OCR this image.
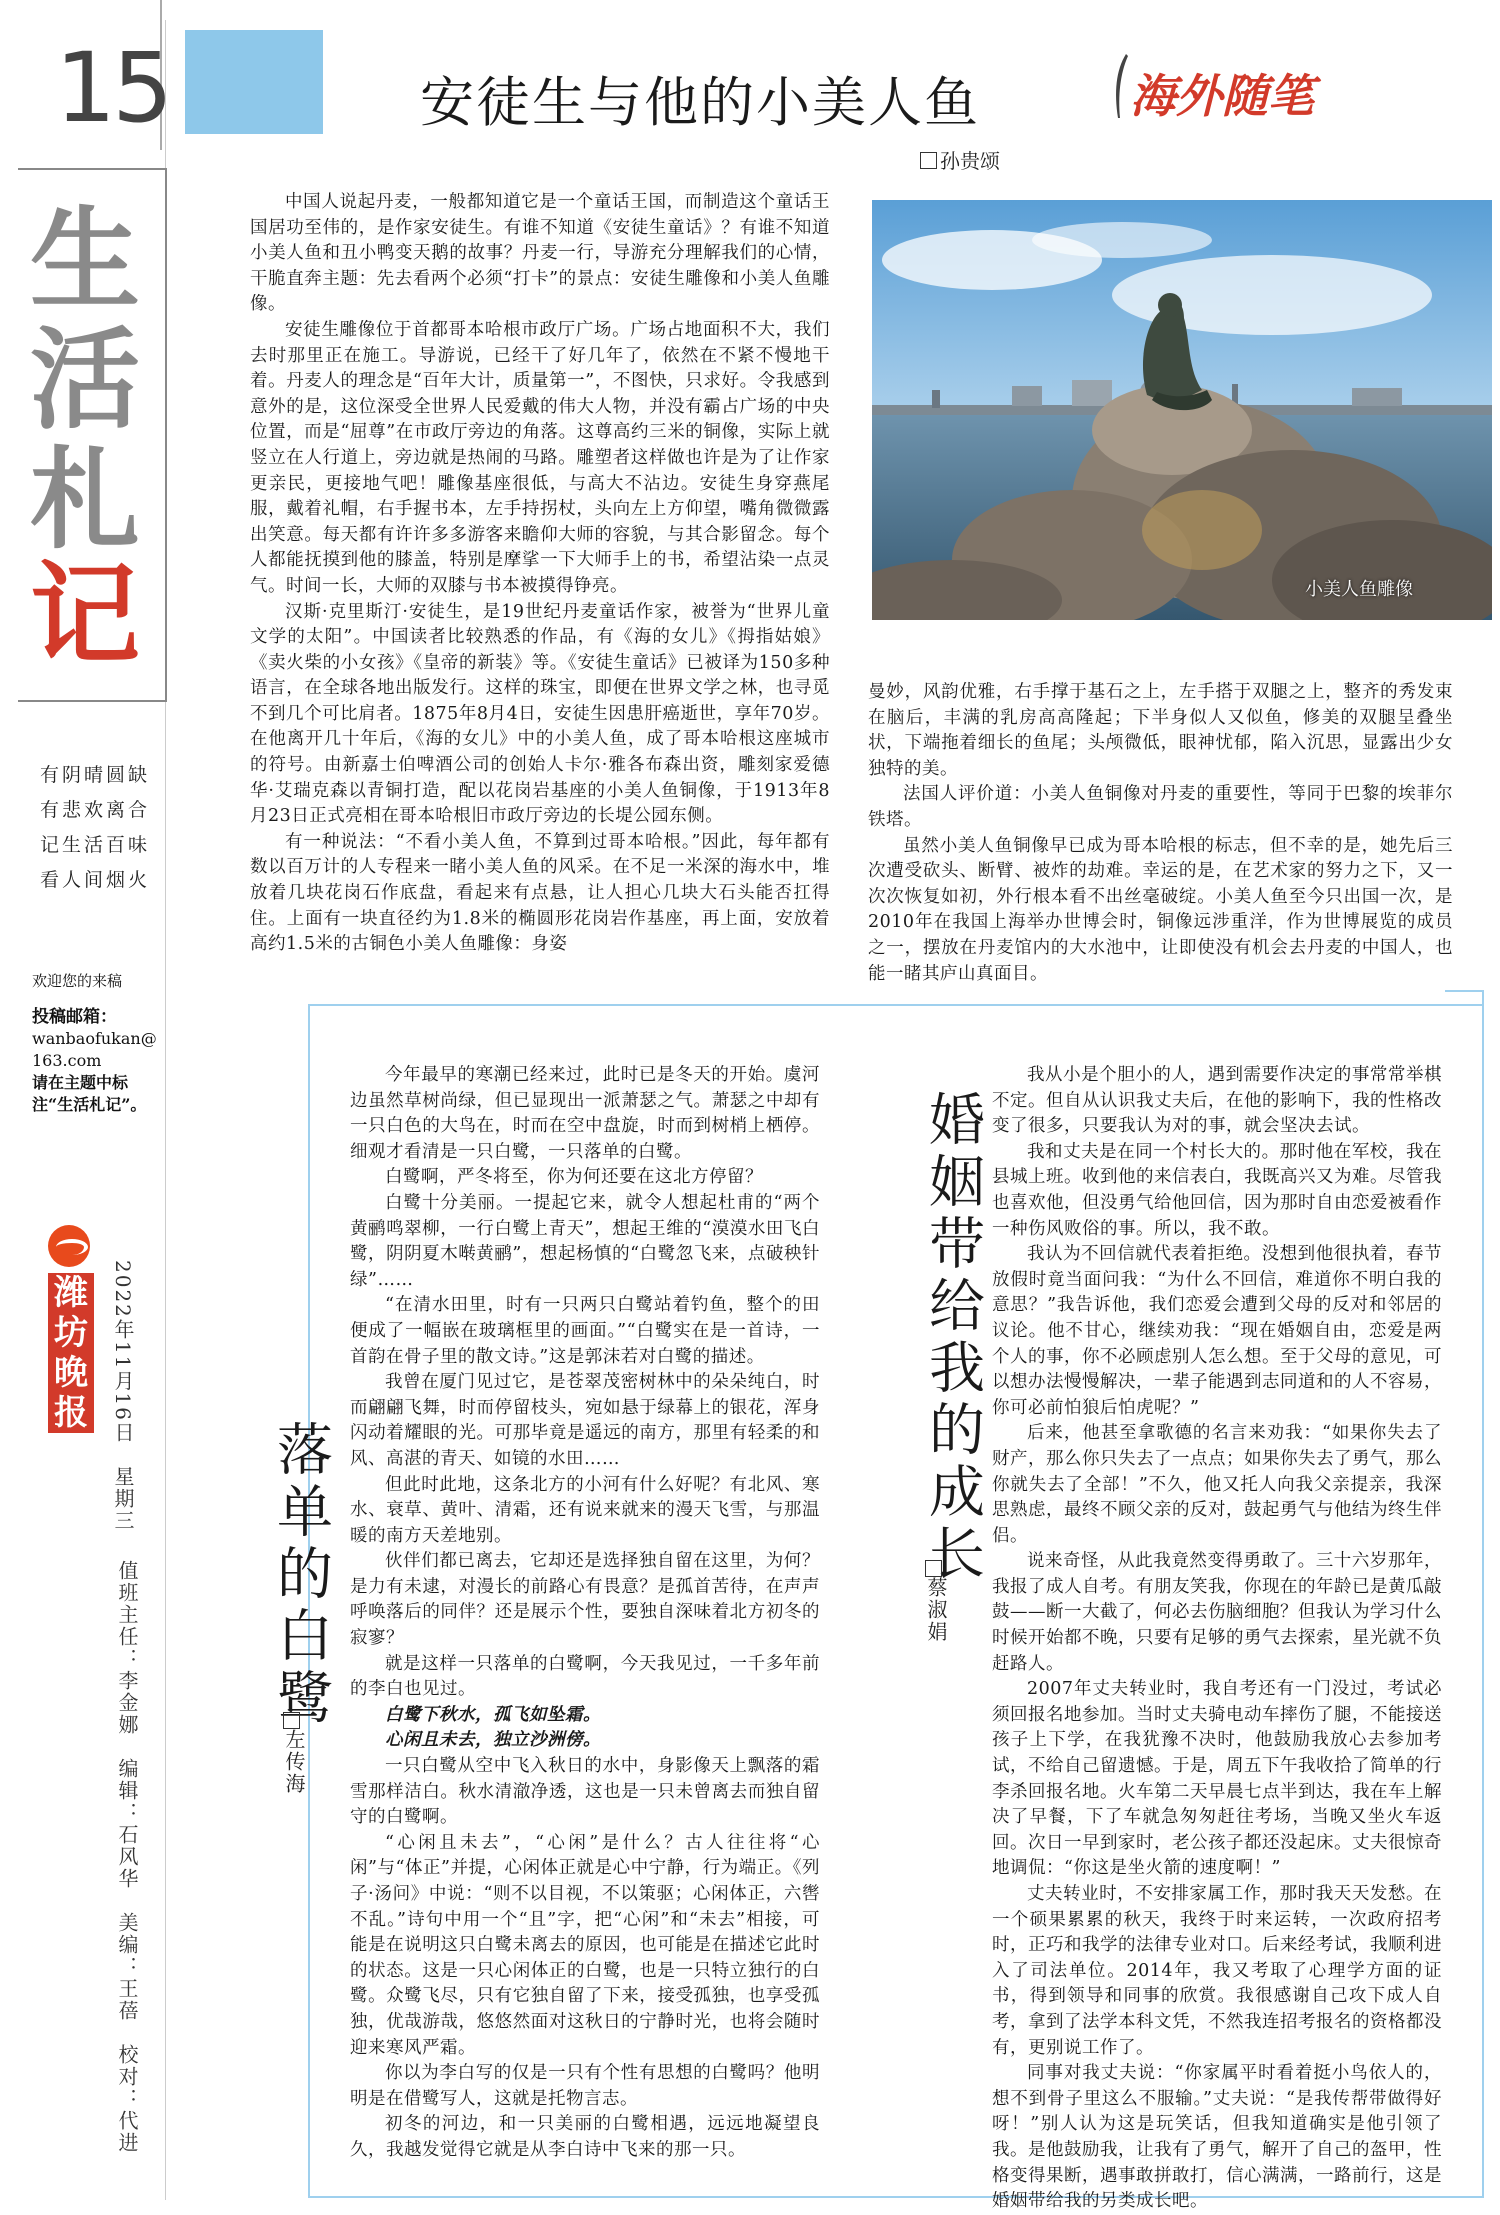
15
生
活
札
记
有阴晴圆缺
有悲欢离合
记生活百味
看人间烟火
欢迎您的来稿
投稿邮箱：
wanbaofukan@163.com
请在主题中标注“生活札记”。
潍坊晚报	2022年11月16日　星期三
值班主任：李金娜　编辑：石风华　美编：王蓓　校对：代进
安徒生与他的小美人鱼	海外随笔
孙贵颂

中国人说起丹麦，一般都知道它是一个童话王国，而制造这个童话王国居功至伟的，是作家安徒生。有谁不知道《安徒生童话》？有谁不知道小美人鱼和丑小鸭变天鹅的故事？丹麦一行，导游充分理解我们的心情，干脆直奔主题：先去看两个必须“打卡”的景点：安徒生雕像和小美人鱼雕像。

安徒生雕像位于首都哥本哈根市政厅广场。广场占地面积不大，我们去时那里正在施工。导游说，已经干了好几年了，依然在不紧不慢地干着。丹麦人的理念是“百年大计，质量第一”，不图快，只求好。令我感到意外的是，这位深受全世界人民爱戴的伟大人物，并没有霸占广场的中央位置，而是“屈尊”在市政厅旁边的角落。这尊高约三米的铜像，实际上就竖立在人行道上，旁边就是热闹的马路。雕塑者这样做也许是为了让作家更亲民，更接地气吧！雕像基座很低，与高大不沾边。安徒生身穿燕尾服，戴着礼帽，右手握书本，左手持拐杖，头向左上方仰望，嘴角微微露出笑意。每天都有许许多多游客来瞻仰大师的容貌，与其合影留念。每个人都能抚摸到他的膝盖，特别是摩挲一下大师手上的书，希望沾染一点灵气。时间一长，大师的双膝与书本被摸得铮亮。

汉斯·克里斯汀·安徒生，是19世纪丹麦童话作家，被誉为“世界儿童文学的太阳”。中国读者比较熟悉的作品，有《海的女儿》《拇指姑娘》《卖火柴的小女孩》《皇帝的新装》等。《安徒生童话》已被译为150多种语言，在全球各地出版发行。这样的珠宝，即便在世界文学之林，也寻觅不到几个可比肩者。1875年8月4日，安徒生因患肝癌逝世，享年70岁。在他离开几十年后，《海的女儿》中的小美人鱼，成了哥本哈根这座城市的符号。由新嘉士伯啤酒公司的创始人卡尔·雅各布森出资，雕刻家爱德华·艾瑞克森以青铜打造，配以花岗岩基座的小美人鱼铜像，于1913年8月23日正式亮相在哥本哈根旧市政厅旁边的长堤公园东侧。

有一种说法：“不看小美人鱼，不算到过哥本哈根。”因此，每年都有数以百万计的人专程来一睹小美人鱼的风采。在不足一米深的海水中，堆放着几块花岗石作底盘，看起来有点悬，让人担心几块大石头能否扛得住。上面有一块直径约为1.8米的椭圆形花岗岩作基座，再上面，安放着高约1.5米的古铜色小美人鱼雕像：身姿

小美人鱼雕像

曼妙，风韵优雅，右手撑于基石之上，左手搭于双腿之上，整齐的秀发束在脑后，丰满的乳房高高隆起；下半身似人又似鱼，修美的双腿呈叠坐状，下端拖着细长的鱼尾；头颅微低，眼神忧郁，陷入沉思，显露出少女独特的美。

法国人评价道：小美人鱼铜像对丹麦的重要性，等同于巴黎的埃菲尔铁塔。

虽然小美人鱼铜像早已成为哥本哈根的标志，但不幸的是，她先后三次遭受砍头、断臂、被炸的劫难。幸运的是，在艺术家的努力之下，又一次次恢复如初，外行根本看不出丝毫破绽。小美人鱼至今只出国一次，是2010年在我国上海举办世博会时，铜像远涉重洋，作为世博展览的成员之一，摆放在丹麦馆内的大水池中，让即使没有机会去丹麦的中国人，也能一睹其庐山真面目。

落单的白鹭
左传海

今年最早的寒潮已经来过，此时已是冬天的开始。虞河边虽然草树尚绿，但已显现出一派萧瑟之气。萧瑟之中却有一只白色的大鸟在，时而在空中盘旋，时而到树梢上栖停。细观才看清是一只白鹭，一只落单的白鹭。

白鹭啊，严冬将至，你为何还要在这北方停留？

白鹭十分美丽。一提起它来，就令人想起杜甫的“两个黄鹂鸣翠柳，一行白鹭上青天”，想起王维的“漠漠水田飞白鹭，阴阴夏木啭黄鹂”，想起杨慎的“白鹭忽飞来，点破秧针绿”……

“在清水田里，时有一只两只白鹭站着钓鱼，整个的田便成了一幅嵌在玻璃框里的画面。”“白鹭实在是一首诗，一首韵在骨子里的散文诗。”这是郭沫若对白鹭的描述。

我曾在厦门见过它，是苍翠茂密树林中的朵朵纯白，时而翩翩飞舞，时而停留枝头，宛如悬于绿幕上的银花，浑身闪动着耀眼的光。可那毕竟是遥远的南方，那里有轻柔的和风、高湛的青天、如镜的水田……

但此时此地，这条北方的小河有什么好呢？有北风、寒水、衰草、黄叶、清霜，还有说来就来的漫天飞雪，与那温暖的南方天差地别。

伙伴们都已离去，它却还是选择独自留在这里，为何？是力有未逮，对漫长的前路心有畏意？是孤首苦待，在声声呼唤落后的同伴？还是展示个性，要独自深味着北方初冬的寂寥？

就是这样一只落单的白鹭啊，今天我见过，一千多年前的李白也见过。

白鹭下秋水，孤飞如坠霜。

心闲且未去，独立沙洲傍。

一只白鹭从空中飞入秋日的水中，身影像天上飘落的霜雪那样洁白。秋水清澈净透，这也是一只未曾离去而独自留守的白鹭啊。

“心闲且未去”，“心闲”是什么？古人往往将“心闲”与“体正”并提，心闲体正就是心中宁静，行为端正。《列子·汤问》中说：“则不以目视，不以策驱；心闲体正，六辔不乱。”诗句中用一个“且”字，把“心闲”和“未去”相接，可能是在说明这只白鹭未离去的原因，也可能是在描述它此时的状态。这是一只心闲体正的白鹭，也是一只特立独行的白鹭。众鹭飞尽，只有它独自留了下来，接受孤独，也享受孤独，优哉游哉，悠悠然面对这秋日的宁静时光，也将会随时迎来寒风严霜。

你以为李白写的仅是一只有个性有思想的白鹭吗？他明明是在借鹭写人，这就是托物言志。

初冬的河边，和一只美丽的白鹭相遇，远远地凝望良久，我越发觉得它就是从李白诗中飞来的那一只。

婚姻带给我的成长
蔡淑娟

我从小是个胆小的人，遇到需要作决定的事常常举棋不定。但自从认识我丈夫后，在他的影响下，我的性格改变了很多，只要我认为对的事，就会坚决去试。

我和丈夫是在同一个村长大的。那时他在军校，我在县城上班。收到他的来信表白，我既高兴又为难。尽管我也喜欢他，但没勇气给他回信，因为那时自由恋爱被看作一种伤风败俗的事。所以，我不敢。

我认为不回信就代表着拒绝。没想到他很执着，春节放假时竟当面问我：“为什么不回信，难道你不明白我的意思？”我告诉他，我们恋爱会遭到父母的反对和邻居的议论。他不甘心，继续劝我：“现在婚姻自由，恋爱是两个人的事，你不必顾虑别人怎么想。至于父母的意见，可以想办法慢慢解决，一辈子能遇到志同道和的人不容易，你可必前怕狼后怕虎呢？”

后来，他甚至拿歌德的名言来劝我：“如果你失去了财产，那么你只失去了一点点；如果你失去了勇气，那么你就失去了全部！”不久，他又托人向我父亲提亲，我深思熟虑，最终不顾父亲的反对，鼓起勇气与他结为终生伴侣。

说来奇怪，从此我竟然变得勇敢了。三十六岁那年，我报了成人自考。有朋友笑我，你现在的年龄已是黄瓜敲鼓——断一大截了，何必去伤脑细胞？但我认为学习什么时候开始都不晚，只要有足够的勇气去探索，星光就不负赶路人。

2007年丈夫转业时，我自考还有一门没过，考试必须回报名地参加。当时丈夫骑电动车摔伤了腿，不能接送孩子上下学，在我犹豫不决时，他鼓励我放心去参加考试，不给自己留遗憾。于是，周五下午我收拾了简单的行李杀回报名地。火车第二天早晨七点半到达，我在车上解决了早餐，下了车就急匆匆赶往考场，当晚又坐火车返回。次日一早到家时，老公孩子都还没起床。丈夫很惊奇地调侃：“你这是坐火箭的速度啊！”

丈夫转业时，不安排家属工作，那时我天天发愁。在一个硕果累累的秋天，我终于时来运转，一次政府招考时，正巧和我学的法律专业对口。后来经考试，我顺利进入了司法单位。2014年，我又考取了心理学方面的证书，得到领导和同事的欣赏。我很感谢自己攻下成人自考，拿到了法学本科文凭，不然我连招考报名的资格都没有，更别说工作了。

同事对我丈夫说：“你家属平时看着挺小鸟依人的，想不到骨子里这么不服输。”丈夫说：“是我传帮带做得好呀！”别人认为这是玩笑话，但我知道确实是他引领了我。是他鼓励我，让我有了勇气，解开了自己的盔甲，性格变得果断，遇事敢拼敢打，信心满满，一路前行，这是婚姻带给我的另类成长吧。
